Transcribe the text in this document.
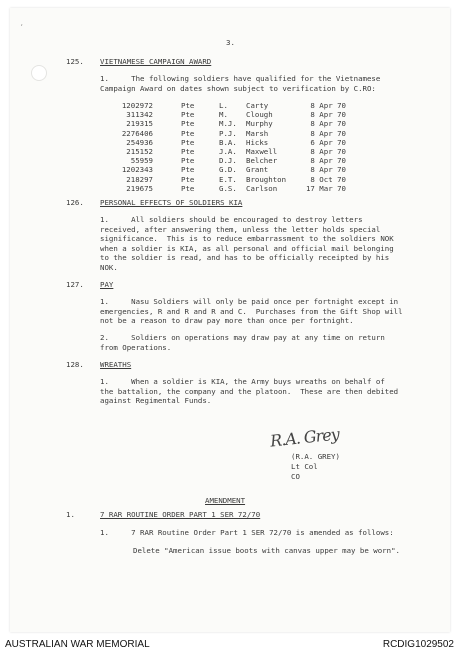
,
3.
125. VIETNAMESE CAMPAIGN AWARD
1.     The following soldiers have qualified for the Vietnamese
Campaign Award on dates shown subject to verification by C.RO:
1202972	Pte	L. Carty	8 Apr 70
311342	Pte	M. Clough	8 Apr 70
219315	Pte	M.J. Murphy	8 Apr 70
2276406	Pte	P.J. Marsh	8 Apr 70
254936	Pte	B.A. Hicks	6 Apr 70
215152	Pte	J.A. Maxwell	8 Apr 70
55959	Pte	D.J. Belcher	8 Apr 70
1202343	Pte	G.D. Grant	8 Apr 70
218297	Pte	E.T. Broughton	8 Oct 70
219675	Pte	G.S. Carlson	17 Mar 70
126. PERSONAL EFFECTS OF SOLDIERS KIA
1.     All soldiers should be encouraged to destroy letters
received, after answering them, unless the letter holds special
significance.  This is to reduce embarrassment to the soldiers NOK
when a soldier is KIA, as all personal and official mail belonging
to the soldier is read, and has to be officially receipted by his
NOK.
127. PAY
1.     Nasu Soldiers will only be paid once per fortnight except in
emergencies, R and R and R and C.  Purchases from the Gift Shop will
not be a reason to draw pay more than once per fortnight.
2.     Soldiers on operations may draw pay at any time on return
from Operations.
128. WREATHS
1.     When a soldier is KIA, the Army buys wreaths on behalf of
the battalion, the company and the platoon.  These are then debited
against Regimental Funds.
R.A. Grey
(R.A. GREY)
Lt Col
CO
AMENDMENT
1.	7 RAR ROUTINE ORDER PART 1 SER 72/70
1.     7 RAR Routine Order Part 1 SER 72/70 is amended as follows:
Delete "American issue boots with canvas upper may be worn".
AUSTRALIAN WAR MEMORIAL	RCDIG1029502
